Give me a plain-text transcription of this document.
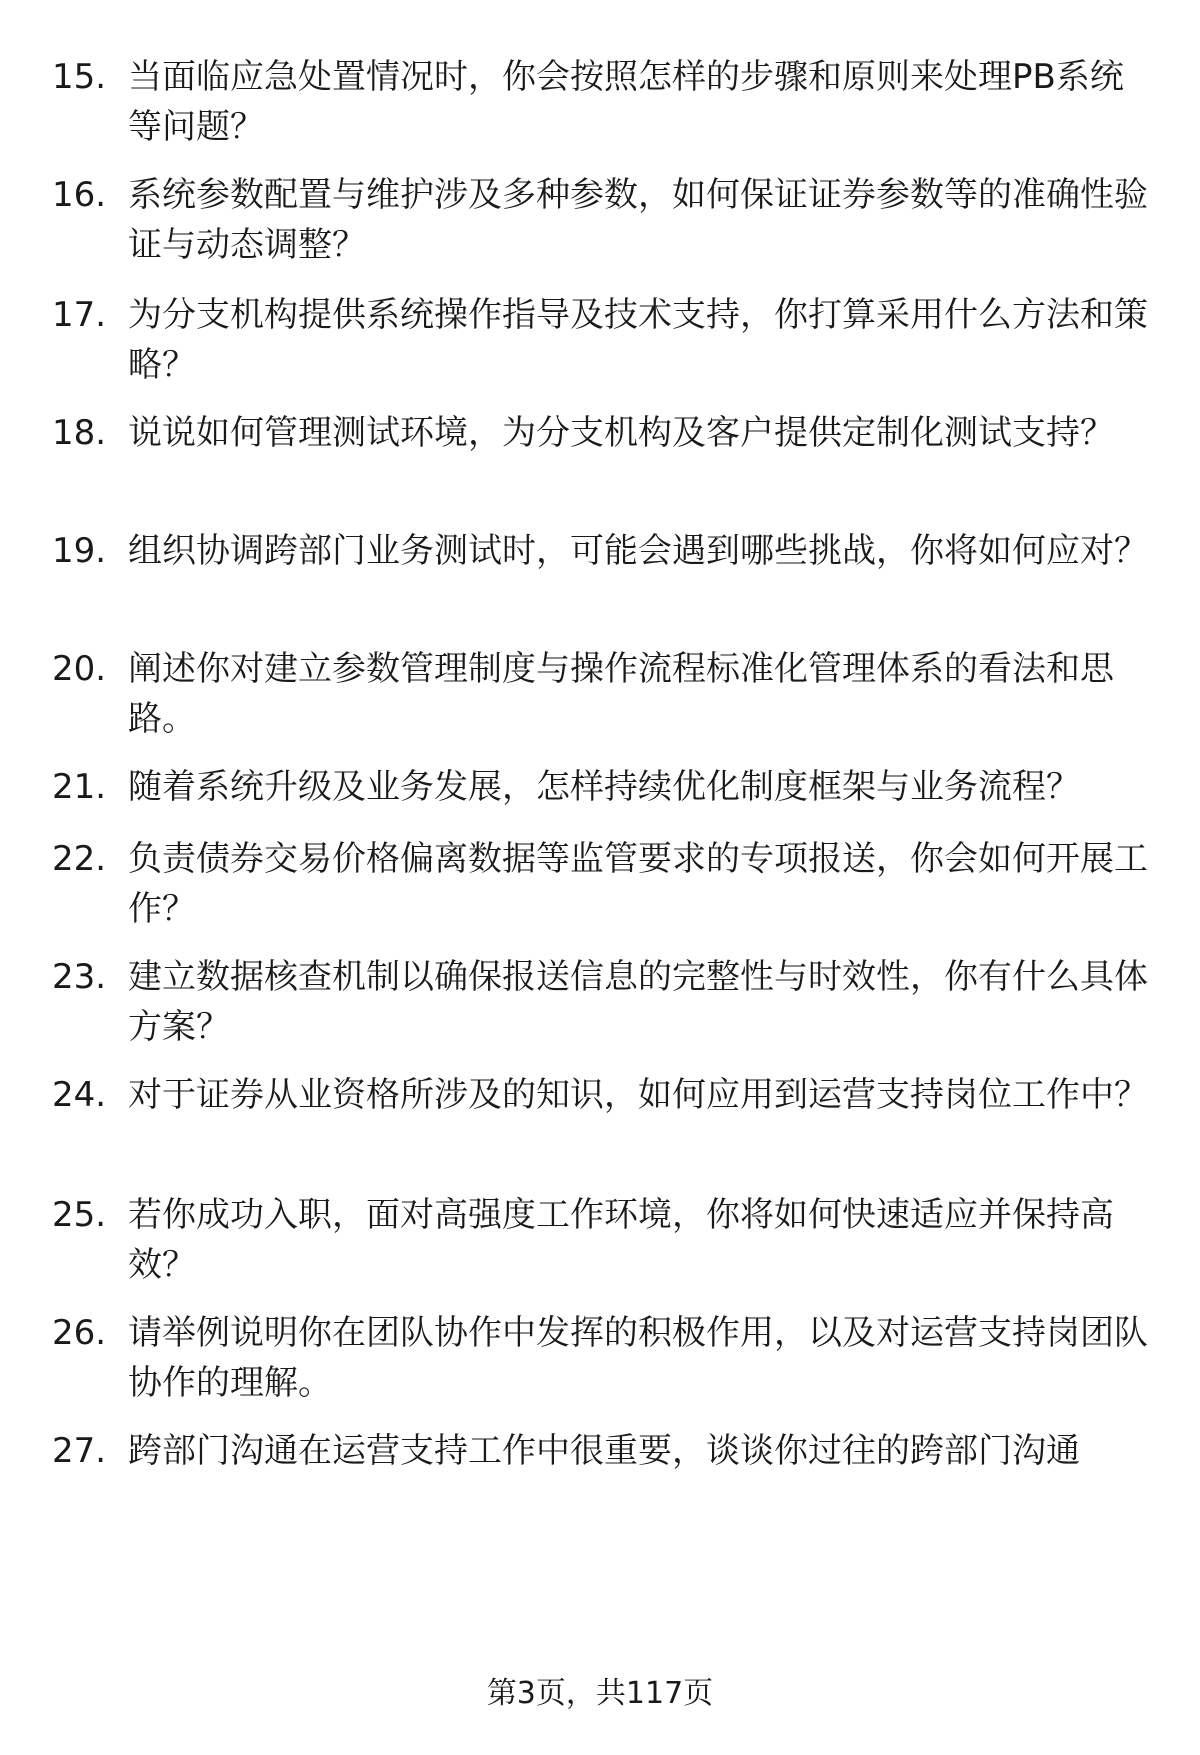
15. 当面临应急处置情况时，你会按照怎样的步骤和原则来处理PB系统等问题？
16. 系统参数配置与维护涉及多种参数，如何保证证券参数等的准确性验证与动态调整？
17. 为分支机构提供系统操作指导及技术支持，你打算采用什么方法和策略？
18. 说说如何管理测试环境，为分支机构及客户提供定制化测试支持？
19. 组织协调跨部门业务测试时，可能会遇到哪些挑战，你将如何应对？
20. 阐述你对建立参数管理制度与操作流程标准化管理体系的看法和思路。
21. 随着系统升级及业务发展，怎样持续优化制度框架与业务流程？
22. 负责债券交易价格偏离数据等监管要求的专项报送，你会如何开展工作？
23. 建立数据核查机制以确保报送信息的完整性与时效性，你有什么具体方案？
24. 对于证券从业资格所涉及的知识，如何应用到运营支持岗位工作中？
25. 若你成功入职，面对高强度工作环境，你将如何快速适应并保持高效？
26. 请举例说明你在团队协作中发挥的积极作用，以及对运营支持岗团队协作的理解。
27. 跨部门沟通在运营支持工作中很重要，谈谈你过往的跨部门沟通
第3页，共117页
